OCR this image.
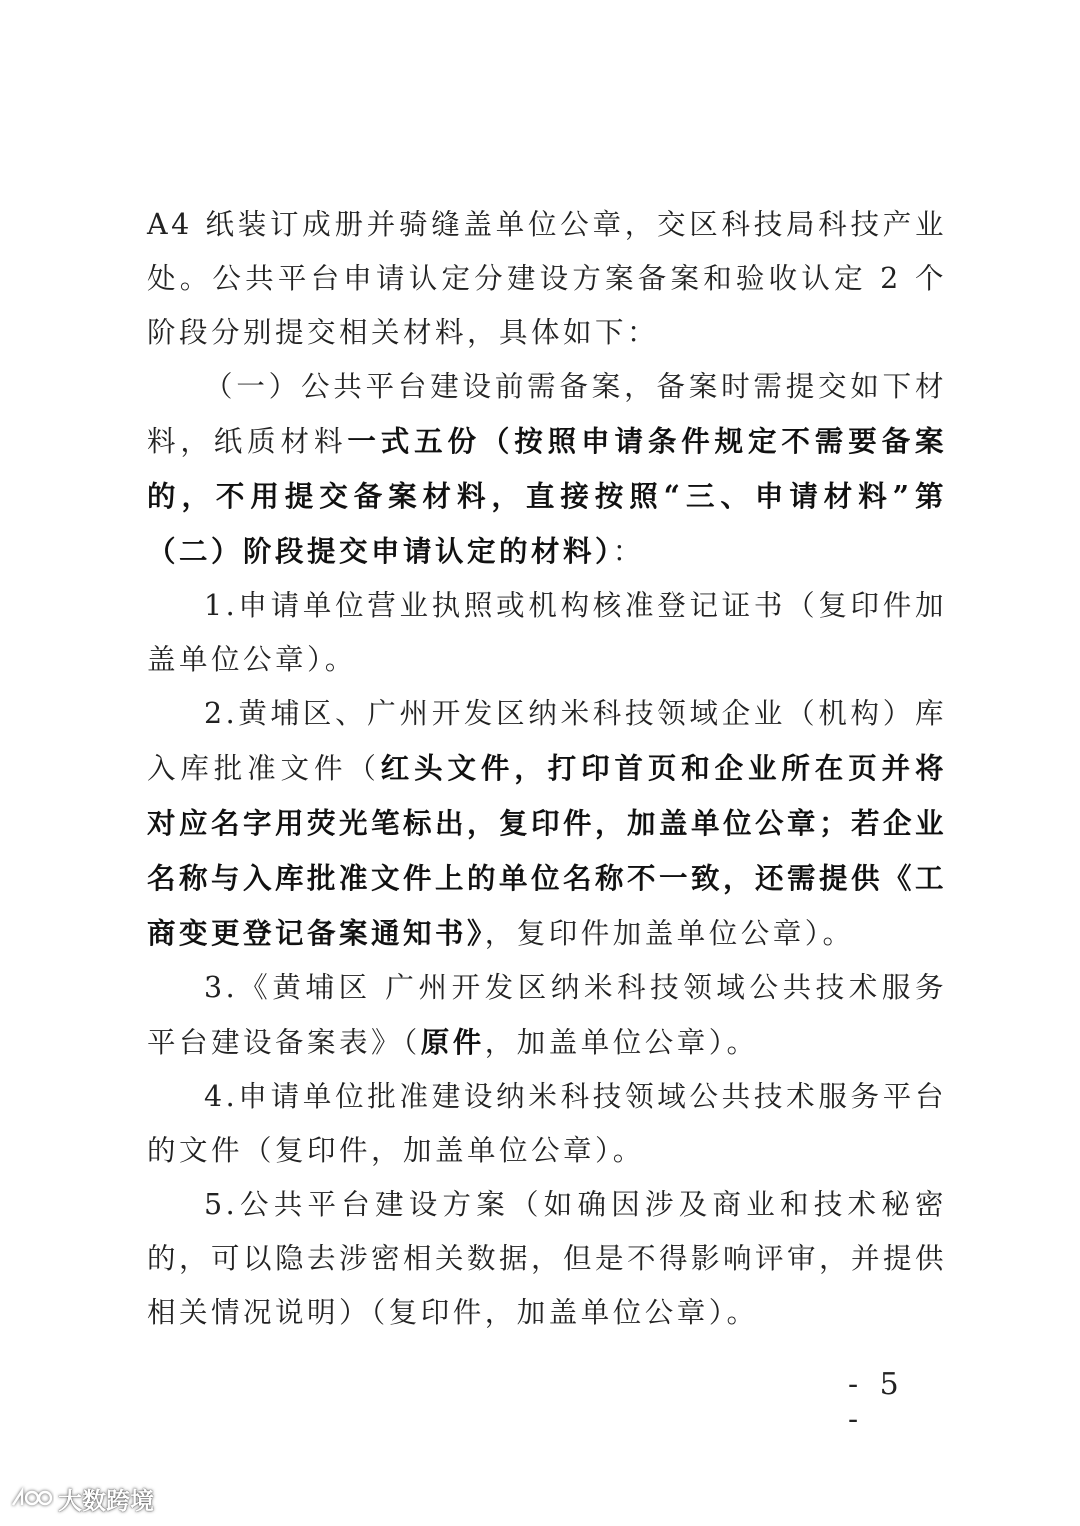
A4 纸装订成册并骑缝盖单位公章，交区科技局科技产业处。公共平台申请认定分建设方案备案和验收认定 2 个阶段分别提交相关材料，具体如下：

（一）公共平台建设前需备案，备案时需提交如下材料，纸质材料一式五份（按照申请条件规定不需要备案的，不用提交备案材料，直接按照“三、申请材料”第（二）阶段提交申请认定的材料）：

1.申请单位营业执照或机构核准登记证书（复印件加盖单位公章）。

2.黄埔区、广州开发区纳米科技领域企业（机构）库入库批准文件（红头文件，打印首页和企业所在页并将对应名字用荧光笔标出，复印件，加盖单位公章；若企业名称与入库批准文件上的单位名称不一致，还需提供《工商变更登记备案通知书》，复印件加盖单位公章）。

3.《黄埔区 广州开发区纳米科技领域公共技术服务平台建设备案表》（原件，加盖单位公章）。

4.申请单位批准建设纳米科技领域公共技术服务平台的文件（复印件，加盖单位公章）。

5.公共平台建设方案（如确因涉及商业和技术秘密的，可以隐去涉密相关数据，但是不得影响评审，并提供相关情况说明）（复印件，加盖单位公章）。

- 5 -
大数跨境
